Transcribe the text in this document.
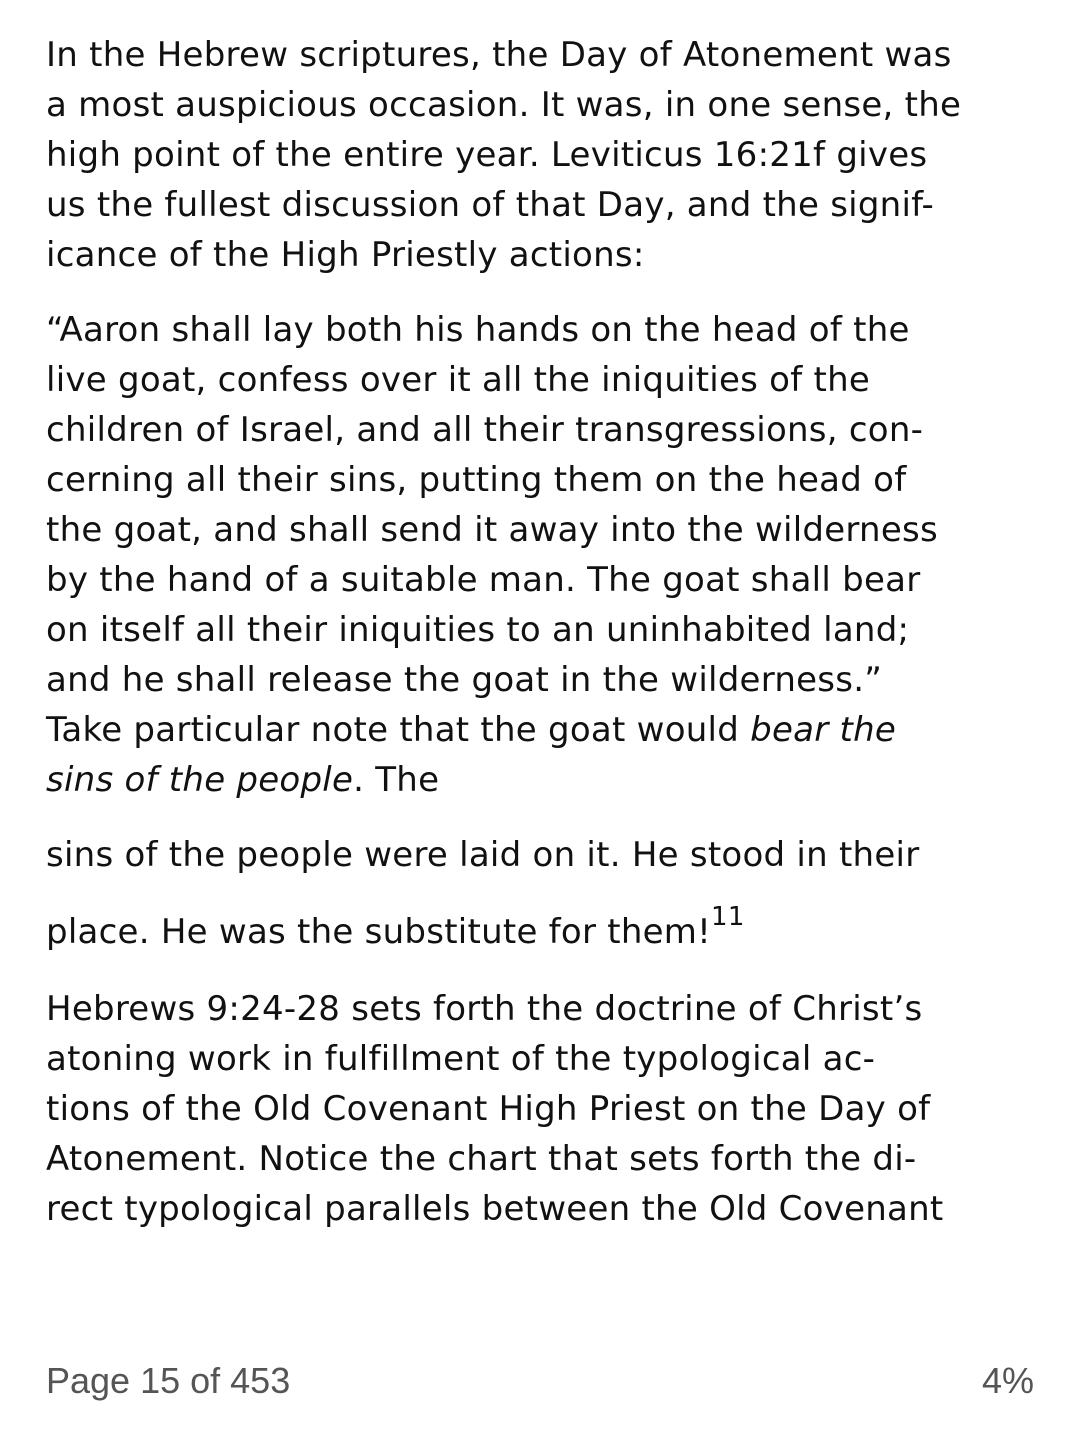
In the Hebrew scriptures, the Day of Atonement was
a most auspicious occasion. It was, in one sense, the
high point of the entire year. Leviticus 16:21f gives
us the fullest discussion of that Day, and the signif-
icance of the High Priestly actions:

“Aaron shall lay both his hands on the head of the
live goat, confess over it all the iniquities of the
children of Israel, and all their transgressions, con-
cerning all their sins, putting them on the head of
the goat, and shall send it away into the wilderness
by the hand of a suitable man. The goat shall bear
on itself all their iniquities to an uninhabited land;
and he shall release the goat in the wilderness.”
Take particular note that the goat would bear the
sins of the people. The

sins of the people were laid on it. He stood in their
place. He was the substitute for them!$^{11}$

Hebrews 9:24-28 sets forth the doctrine of Christ’s
atoning work in fulfillment of the typological ac-
tions of the Old Covenant High Priest on the Day of
Atonement. Notice the chart that sets forth the di-
rect typological parallels between the Old Covenant

Page 15 of 453	4%
